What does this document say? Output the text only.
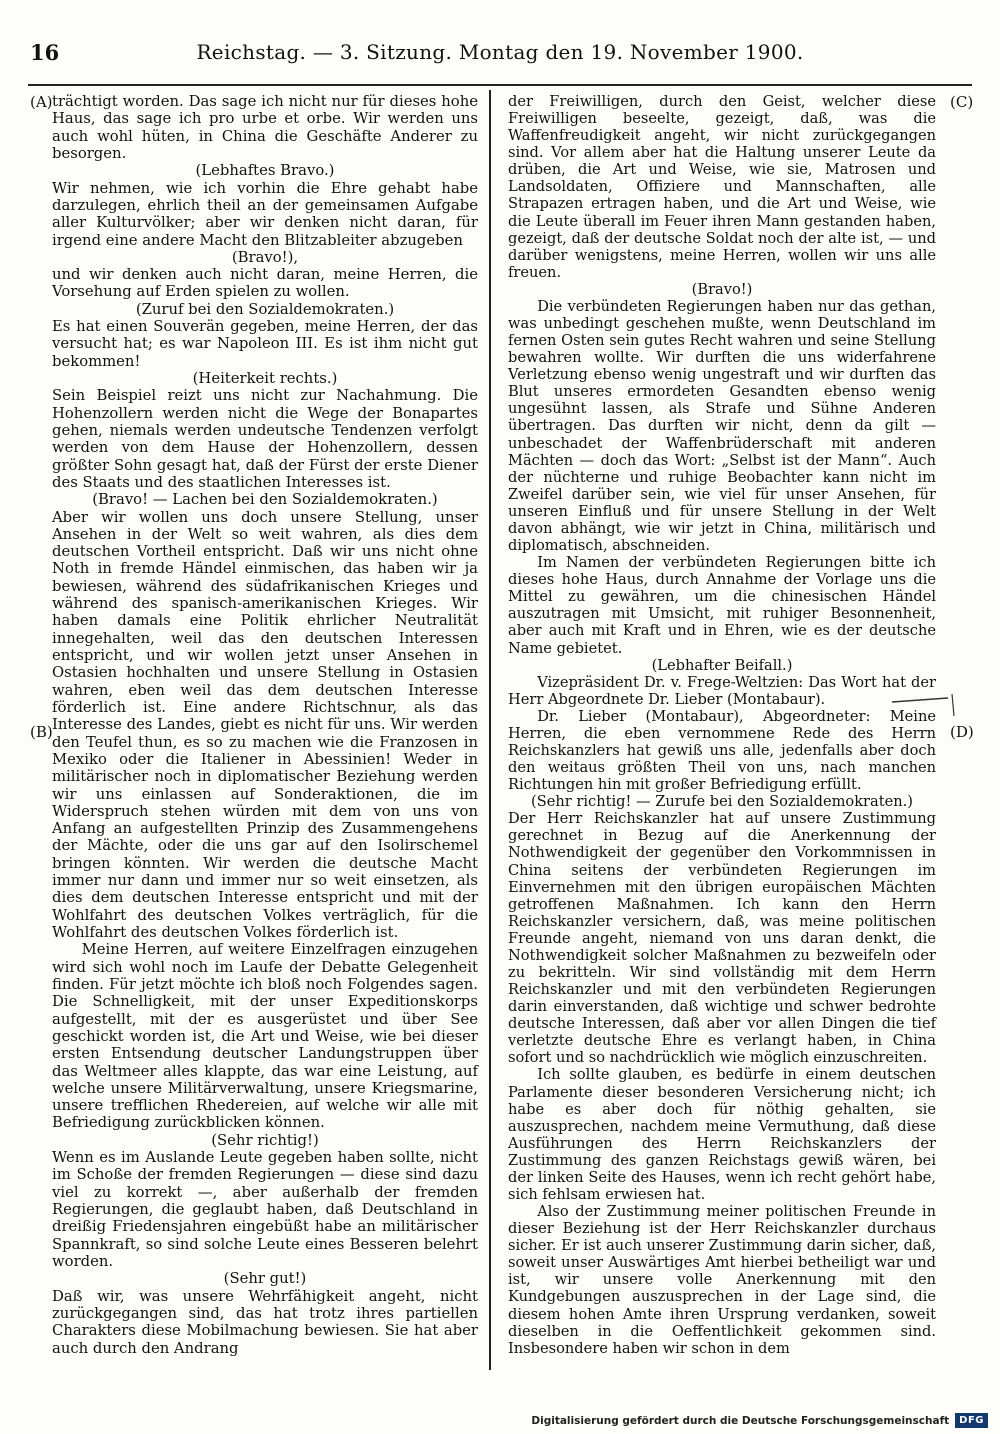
16	Reichstag. — 3. Sitzung. Montag den 19. November 1900.
(A)
(B)
(C)
(D)

trächtigt worden. Das sage ich nicht nur für dieses hohe Haus, das sage ich pro urbe et orbe. Wir werden uns auch wohl hüten, in China die Geschäfte Anderer zu besorgen.

(Lebhaftes Bravo.)

Wir nehmen, wie ich vorhin die Ehre gehabt habe darzulegen, ehrlich theil an der gemeinsamen Aufgabe aller Kulturvölker; aber wir denken nicht daran, für irgend eine andere Macht den Blitzableiter abzugeben

(Bravo!),

und wir denken auch nicht daran, meine Herren, die Vorsehung auf Erden spielen zu wollen.

(Zuruf bei den Sozialdemokraten.)

Es hat einen Souverän gegeben, meine Herren, der das versucht hat; es war Napoleon III. Es ist ihm nicht gut bekommen!

(Heiterkeit rechts.)

Sein Beispiel reizt uns nicht zur Nachahmung. Die Hohenzollern werden nicht die Wege der Bonapartes gehen, niemals werden undeutsche Tendenzen verfolgt werden von dem Hause der Hohenzollern, dessen größter Sohn gesagt hat, daß der Fürst der erste Diener des Staats und des staatlichen Interesses ist.

(Bravo! — Lachen bei den Sozialdemokraten.)

Aber wir wollen uns doch unsere Stellung, unser Ansehen in der Welt so weit wahren, als dies dem deutschen Vortheil entspricht. Daß wir uns nicht ohne Noth in fremde Händel einmischen, das haben wir ja bewiesen, während des südafrikanischen Krieges und während des spanisch-amerikanischen Krieges. Wir haben damals eine Politik ehrlicher Neutralität innegehalten, weil das den deutschen Interessen entspricht, und wir wollen jetzt unser Ansehen in Ostasien hochhalten und unsere Stellung in Ostasien wahren, eben weil das dem deutschen Interesse förderlich ist. Eine andere Richtschnur, als das Interesse des Landes, giebt es nicht für uns. Wir werden den Teufel thun, es so zu machen wie die Franzosen in Mexiko oder die Italiener in Abessinien! Weder in militärischer noch in diplomatischer Beziehung werden wir uns einlassen auf Sonderaktionen, die im Widerspruch stehen würden mit dem von uns von Anfang an aufgestellten Prinzip des Zusammengehens der Mächte, oder die uns gar auf den Isolirschemel bringen könnten. Wir werden die deutsche Macht immer nur dann und immer nur so weit einsetzen, als dies dem deutschen Interesse entspricht und mit der Wohlfahrt des deutschen Volkes verträglich, für die Wohlfahrt des deutschen Volkes förderlich ist.

Meine Herren, auf weitere Einzelfragen einzugehen wird sich wohl noch im Laufe der Debatte Gelegenheit finden. Für jetzt möchte ich bloß noch Folgendes sagen. Die Schnelligkeit, mit der unser Expeditionskorps aufgestellt, mit der es ausgerüstet und über See geschickt worden ist, die Art und Weise, wie bei dieser ersten Entsendung deutscher Landungstruppen über das Weltmeer alles klappte, das war eine Leistung, auf welche unsere Militärverwaltung, unsere Kriegsmarine, unsere trefflichen Rhedereien, auf welche wir alle mit Befriedigung zurückblicken können.

(Sehr richtig!)

Wenn es im Auslande Leute gegeben haben sollte, nicht im Schoße der fremden Regierungen — diese sind dazu viel zu korrekt —, aber außerhalb der fremden Regierungen, die geglaubt haben, daß Deutschland in dreißig Friedensjahren eingebüßt habe an militärischer Spannkraft, so sind solche Leute eines Besseren belehrt worden.

(Sehr gut!)

Daß wir, was unsere Wehrfähigkeit angeht, nicht zurückgegangen sind, das hat trotz ihres partiellen Charakters diese Mobilmachung bewiesen. Sie hat aber auch durch den Andrang

der Freiwilligen, durch den Geist, welcher diese Freiwilligen beseelte, gezeigt, daß, was die Waffenfreudigkeit angeht, wir nicht zurückgegangen sind. Vor allem aber hat die Haltung unserer Leute da drüben, die Art und Weise, wie sie, Matrosen und Landsoldaten, Offiziere und Mannschaften, alle Strapazen ertragen haben, und die Art und Weise, wie die Leute überall im Feuer ihren Mann gestanden haben, gezeigt, daß der deutsche Soldat noch der alte ist, — und darüber wenigstens, meine Herren, wollen wir uns alle freuen.

(Bravo!)

Die verbündeten Regierungen haben nur das gethan, was unbedingt geschehen mußte, wenn Deutschland im fernen Osten sein gutes Recht wahren und seine Stellung bewahren wollte. Wir durften die uns widerfahrene Verletzung ebenso wenig ungestraft und wir durften das Blut unseres ermordeten Gesandten ebenso wenig ungesühnt lassen, als Strafe und Sühne Anderen übertragen. Das durften wir nicht, denn da gilt — unbeschadet der Waffenbrüderschaft mit anderen Mächten — doch das Wort: „Selbst ist der Mann“. Auch der nüchterne und ruhige Beobachter kann nicht im Zweifel darüber sein, wie viel für unser Ansehen, für unseren Einfluß und für unsere Stellung in der Welt davon abhängt, wie wir jetzt in China, militärisch und diplomatisch, abschneiden.

Im Namen der verbündeten Regierungen bitte ich dieses hohe Haus, durch Annahme der Vorlage uns die Mittel zu gewähren, um die chinesischen Händel auszutragen mit Umsicht, mit ruhiger Besonnenheit, aber auch mit Kraft und in Ehren, wie es der deutsche Name gebietet.

(Lebhafter Beifall.)

Vizepräsident Dr. v. Frege-Weltzien: Das Wort hat der Herr Abgeordnete Dr. Lieber (Montabaur).

Dr. Lieber (Montabaur), Abgeordneter: Meine Herren, die eben vernommene Rede des Herrn Reichskanzlers hat gewiß uns alle, jedenfalls aber doch den weitaus größten Theil von uns, nach manchen Richtungen hin mit großer Befriedigung erfüllt.

(Sehr richtig! — Zurufe bei den Sozialdemokraten.)

Der Herr Reichskanzler hat auf unsere Zustimmung gerechnet in Bezug auf die Anerkennung der Nothwendigkeit der gegenüber den Vorkommnissen in China seitens der verbündeten Regierungen im Einvernehmen mit den übrigen europäischen Mächten getroffenen Maßnahmen. Ich kann den Herrn Reichskanzler versichern, daß, was meine politischen Freunde angeht, niemand von uns daran denkt, die Nothwendigkeit solcher Maßnahmen zu bezweifeln oder zu bekritteln. Wir sind vollständig mit dem Herrn Reichskanzler und mit den verbündeten Regierungen darin einverstanden, daß wichtige und schwer bedrohte deutsche Interessen, daß aber vor allen Dingen die tief verletzte deutsche Ehre es verlangt haben, in China sofort und so nachdrücklich wie möglich einzuschreiten.

Ich sollte glauben, es bedürfe in einem deutschen Parlamente dieser besonderen Versicherung nicht; ich habe es aber doch für nöthig gehalten, sie auszusprechen, nachdem meine Vermuthung, daß diese Ausführungen des Herrn Reichskanzlers der Zustimmung des ganzen Reichstags gewiß wären, bei der linken Seite des Hauses, wenn ich recht gehört habe, sich fehlsam erwiesen hat.

Also der Zustimmung meiner politischen Freunde in dieser Beziehung ist der Herr Reichskanzler durchaus sicher. Er ist auch unserer Zustimmung darin sicher, daß, soweit unser Auswärtiges Amt hierbei betheiligt war und ist, wir unsere volle Anerkennung mit den Kundgebungen auszusprechen in der Lage sind, die diesem hohen Amte ihren Ursprung verdanken, soweit dieselben in die Oeffentlichkeit gekommen sind. Insbesondere haben wir schon in dem

Digitalisierung gefördert durch die Deutsche Forschungsgemeinschaft	DFG
